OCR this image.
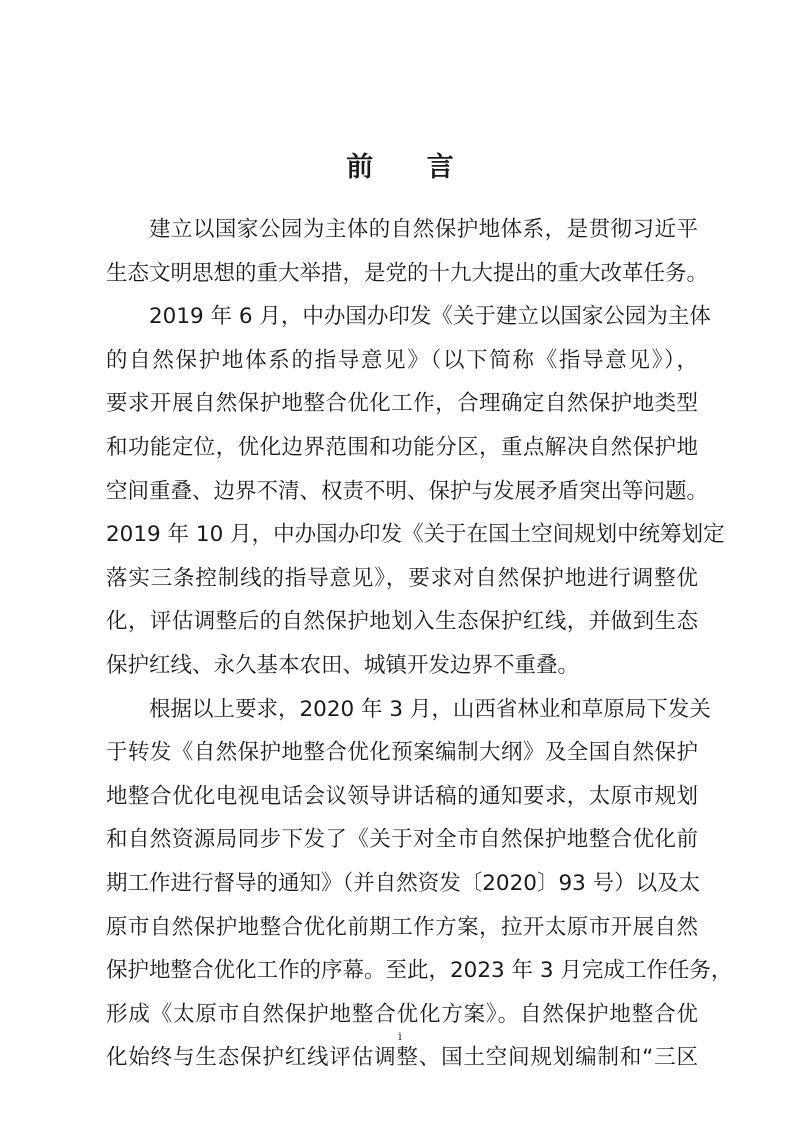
前 言
建立以国家公园为主体的自然保护地体系，是贯彻习近平
生态文明思想的重大举措，是党的十九大提出的重大改革任务。
2019 年 6 月，中办国办印发《关于建立以国家公园为主体
的自然保护地体系的指导意见》（以下简称《指导意见》），
要求开展自然保护地整合优化工作，合理确定自然保护地类型
和功能定位，优化边界范围和功能分区，重点解决自然保护地
空间重叠、边界不清、权责不明、保护与发展矛盾突出等问题。
2019 年 10 月，中办国办印发《关于在国土空间规划中统筹划定
落实三条控制线的指导意见》，要求对自然保护地进行调整优
化，评估调整后的自然保护地划入生态保护红线，并做到生态
保护红线、永久基本农田、城镇开发边界不重叠。
根据以上要求，2020 年 3 月，山西省林业和草原局下发关
于转发《自然保护地整合优化预案编制大纲》及全国自然保护
地整合优化电视电话会议领导讲话稿的通知要求，太原市规划
和自然资源局同步下发了《关于对全市自然保护地整合优化前
期工作进行督导的通知》（并自然资发〔2020〕93 号）以及太
原市自然保护地整合优化前期工作方案，拉开太原市开展自然
保护地整合优化工作的序幕。至此，2023 年 3 月完成工作任务，
形成《太原市自然保护地整合优化方案》。自然保护地整合优
化始终与生态保护红线评估调整、国土空间规划编制和“三区
i
